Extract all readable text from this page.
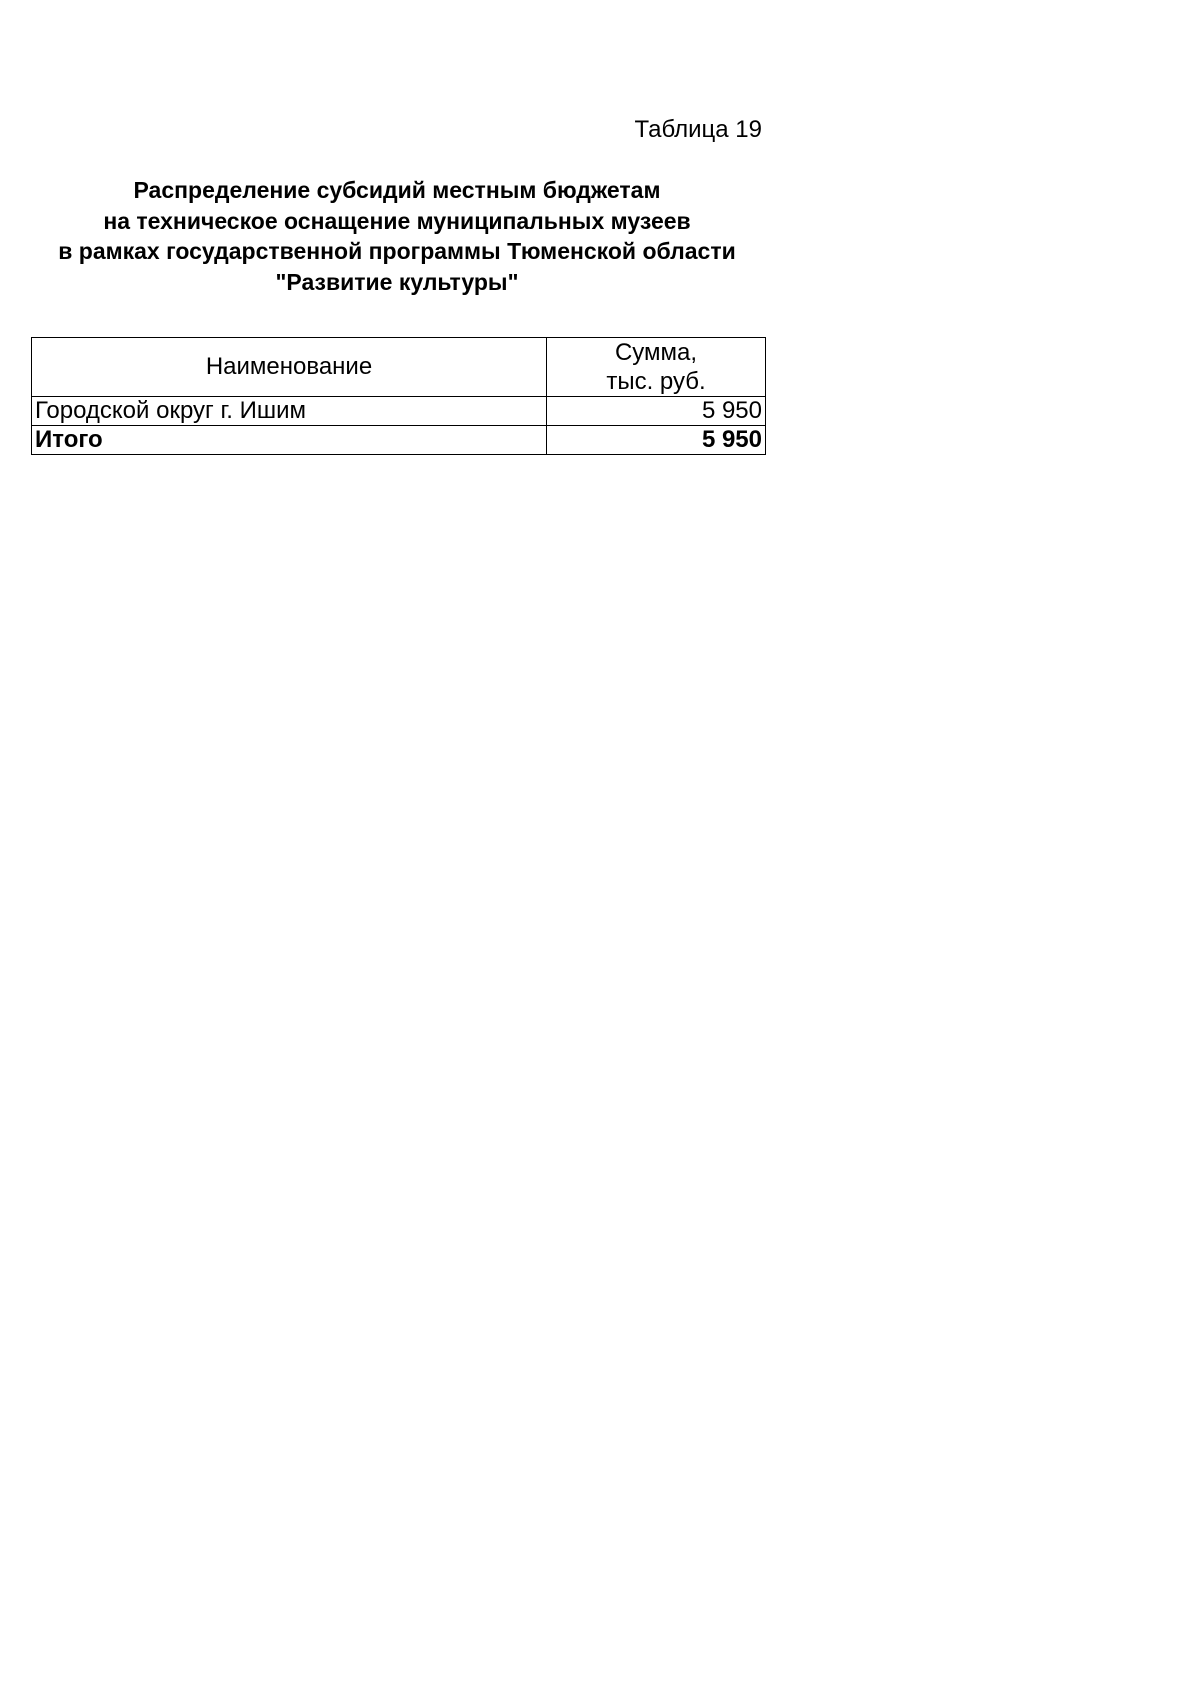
Таблица 19
Распределение субсидий местным бюджетам
на техническое оснащение муниципальных музеев
в рамках государственной программы Тюменской области
"Развитие культуры"
Наименование	Сумма,
тыс. руб.

Городской округ г. Ишим	5 950
Итого	5 950
